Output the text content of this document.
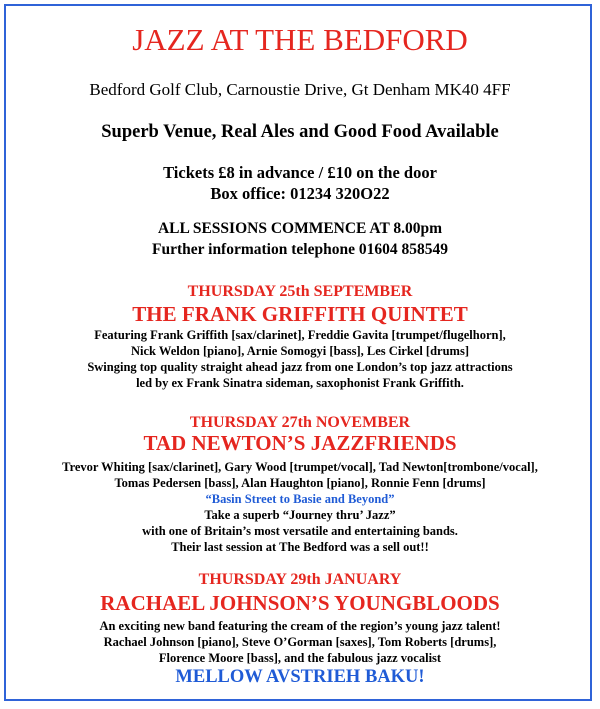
JAZZ AT THE BEDFORD
Bedford Golf Club, Carnoustie Drive, Gt Denham MK40 4FF
Superb Venue, Real Ales and Good Food Available
Tickets £8 in advance / £10 on the door
Box office: 01234 320O22
ALL SESSIONS COMMENCE AT 8.00pm
Further information telephone 01604 858549
THURSDAY 25th SEPTEMBER
THE FRANK GRIFFITH QUINTET
Featuring Frank Griffith [sax/clarinet], Freddie Gavita [trumpet/flugelhorn],
Nick Weldon [piano], Arnie Somogyi [bass], Les Cirkel [drums]
Swinging top quality straight ahead jazz from one London’s top jazz attractions
led by ex Frank Sinatra sideman, saxophonist Frank Griffith.
THURSDAY 27th NOVEMBER
TAD NEWTON’S JAZZFRIENDS
Trevor Whiting [sax/clarinet], Gary Wood [trumpet/vocal], Tad Newton[trombone/vocal],
Tomas Pedersen [bass], Alan Haughton [piano], Ronnie Fenn [drums]
“Basin Street to Basie and Beyond”
Take a superb “Journey thru’ Jazz”
with one of Britain’s most versatile and entertaining bands.
Their last session at The Bedford was a sell out!!
THURSDAY 29th JANUARY
RACHAEL JOHNSON’S YOUNGBLOODS
An exciting new band featuring the cream of the region’s young jazz talent!
Rachael Johnson [piano], Steve O’Gorman [saxes], Tom Roberts [drums],
Florence Moore [bass], and the fabulous jazz vocalist
MELLOW AVSTRIEH BAKU!
